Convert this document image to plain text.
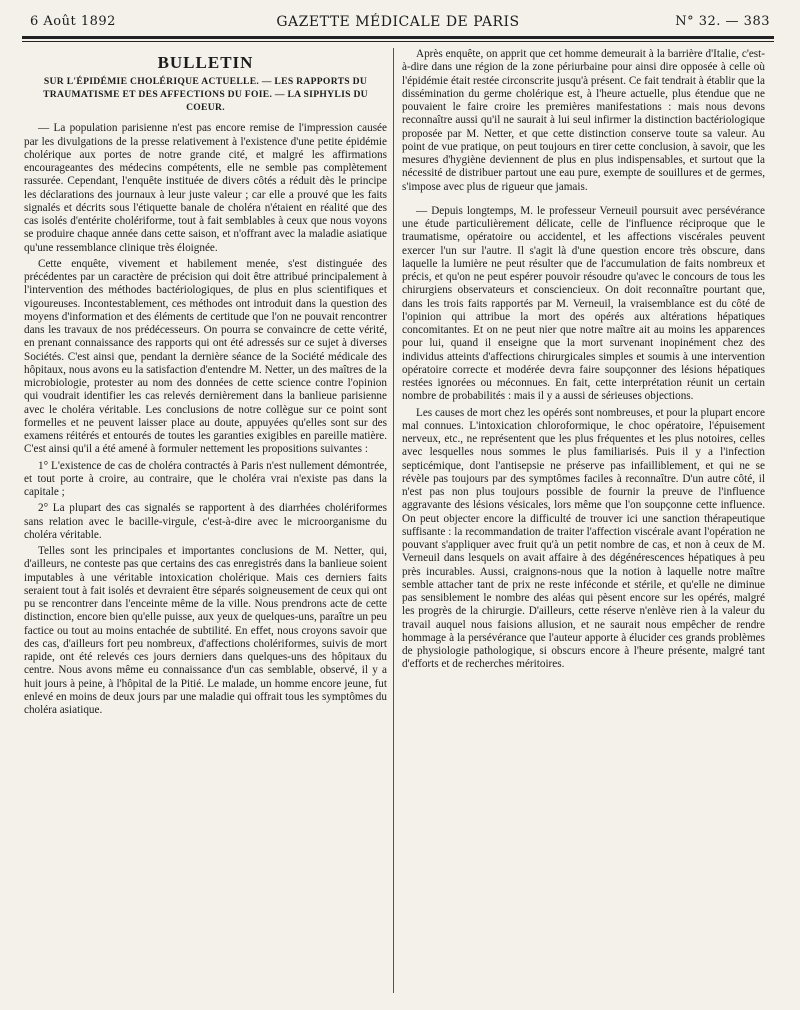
6 Août 1892	GAZETTE MÉDICALE DE PARIS	N° 32. — 383
BULLETIN
SUR L'ÉPIDÉMIE CHOLÉRIQUE ACTUELLE. — LES RAPPORTS DU TRAUMATISME ET DES AFFECTIONS DU FOIE. — LA SIPHYLIS DU COEUR.

— La population parisienne n'est pas encore remise de l'impression causée par les divulgations de la presse relativement à l'existence d'une petite épidémie cholérique aux portes de notre grande cité, et malgré les affirmations encourageantes des médecins compétents, elle ne semble pas complètement rassurée. Cependant, l'enquête instituée de divers côtés a réduit dès le principe les déclarations des journaux à leur juste valeur ; car elle a prouvé que les faits signalés et décrits sous l'étiquette banale de choléra n'étaient en réalité que des cas isolés d'entérite cholériforme, tout à fait semblables à ceux que nous voyons se produire chaque année dans cette saison, et n'offrant avec la maladie asiatique qu'une ressemblance clinique très éloignée.

Cette enquête, vivement et habilement menée, s'est distinguée des précédentes par un caractère de précision qui doit être attribué principalement à l'intervention des méthodes bactériologiques, de plus en plus scientifiques et vigoureuses. Incontestablement, ces méthodes ont introduit dans la question des moyens d'information et des éléments de certitude que l'on ne pouvait rencontrer dans les travaux de nos prédécesseurs. On pourra se convaincre de cette vérité, en prenant connaissance des rapports qui ont été adressés sur ce sujet à diverses Sociétés. C'est ainsi que, pendant la dernière séance de la Société médicale des hôpitaux, nous avons eu la satisfaction d'entendre M. Netter, un des maîtres de la microbiologie, protester au nom des données de cette science contre l'opinion qui voudrait identifier les cas relevés dernièrement dans la banlieue parisienne avec le choléra véritable. Les conclusions de notre collègue sur ce point sont formelles et ne peuvent laisser place au doute, appuyées qu'elles sont sur des examens réitérés et entourés de toutes les garanties exigibles en pareille matière. C'est ainsi qu'il a été amené à formuler nettement les propositions suivantes :

1° L'existence de cas de choléra contractés à Paris n'est nullement démontrée, et tout porte à croire, au contraire, que le choléra vrai n'existe pas dans la capitale ;

2° La plupart des cas signalés se rapportent à des diarrhées cholériformes sans relation avec le bacille-virgule, c'est-à-dire avec le microorganisme du choléra véritable.

Telles sont les principales et importantes conclusions de M. Netter, qui, d'ailleurs, ne conteste pas que certains des cas enregistrés dans la banlieue soient imputables à une véritable intoxication cholérique. Mais ces derniers faits seraient tout à fait isolés et devraient être séparés soigneusement de ceux qui ont pu se rencontrer dans l'enceinte même de la ville. Nous prendrons acte de cette distinction, encore bien qu'elle puisse, aux yeux de quelques-uns, paraître un peu factice ou tout au moins entachée de subtilité. En effet, nous croyons savoir que des cas, d'ailleurs fort peu nombreux, d'affections cholériformes, suivis de mort rapide, ont été relevés ces jours derniers dans quelques-uns des hôpitaux du centre. Nous avons même eu connaissance d'un cas semblable, observé, il y a huit jours à peine, à l'hôpital de la Pitié. Le malade, un homme encore jeune, fut enlevé en moins de deux jours par une maladie qui offrait tous les symptômes du choléra asiatique.

Après enquête, on apprit que cet homme demeurait à la barrière d'Italie, c'est-à-dire dans une région de la zone périurbaine pour ainsi dire opposée à celle où l'épidémie était restée circonscrite jusqu'à présent. Ce fait tendrait à établir que la dissémination du germe cholérique est, à l'heure actuelle, plus étendue que ne pouvaient le faire croire les premières manifestations : mais nous devons reconnaître aussi qu'il ne saurait à lui seul infirmer la distinction bactériologique proposée par M. Netter, et que cette distinction conserve toute sa valeur. Au point de vue pratique, on peut toujours en tirer cette conclusion, à savoir, que les mesures d'hygiène deviennent de plus en plus indispensables, et surtout que la nécessité de distribuer partout une eau pure, exempte de souillures et de germes, s'impose avec plus de rigueur que jamais.

— Depuis longtemps, M. le professeur Verneuil poursuit avec persévérance une étude particulièrement délicate, celle de l'influence réciproque que le traumatisme, opératoire ou accidentel, et les affections viscérales peuvent exercer l'un sur l'autre. Il s'agit là d'une question encore très obscure, dans laquelle la lumière ne peut résulter que de l'accumulation de faits nombreux et précis, et qu'on ne peut espérer pouvoir résoudre qu'avec le concours de tous les chirurgiens observateurs et consciencieux. On doit reconnaître pourtant que, dans les trois faits rapportés par M. Verneuil, la vraisemblance est du côté de l'opinion qui attribue la mort des opérés aux altérations hépatiques concomitantes. Et on ne peut nier que notre maître ait au moins les apparences pour lui, quand il enseigne que la mort survenant inopinément chez des individus atteints d'affections chirurgicales simples et soumis à une intervention opératoire correcte et modérée devra faire soupçonner des lésions hépatiques restées ignorées ou méconnues. En fait, cette interprétation réunit un certain nombre de probabilités : mais il y a aussi de sérieuses objections.

Les causes de mort chez les opérés sont nombreuses, et pour la plupart encore mal connues. L'intoxication chloroformique, le choc opératoire, l'épuisement nerveux, etc., ne représentent que les plus fréquentes et les plus notoires, celles avec lesquelles nous sommes le plus familiarisés. Puis il y a l'infection septicémique, dont l'antisepsie ne préserve pas infailliblement, et qui ne se révèle pas toujours par des symptômes faciles à reconnaître. D'un autre côté, il n'est pas non plus toujours possible de fournir la preuve de l'influence aggravante des lésions vésicales, lors même que l'on soupçonne cette influence. On peut objecter encore la difficulté de trouver ici une sanction thérapeutique suffisante : la recommandation de traiter l'affection viscérale avant l'opération ne pouvant s'appliquer avec fruit qu'à un petit nombre de cas, et non à ceux de M. Verneuil dans lesquels on avait affaire à des dégénérescences hépatiques à peu près incurables. Aussi, craignons-nous que la notion à laquelle notre maître semble attacher tant de prix ne reste inféconde et stérile, et qu'elle ne diminue pas sensiblement le nombre des aléas qui pèsent encore sur les opérés, malgré les progrès de la chirurgie. D'ailleurs, cette réserve n'enlève rien à la valeur du travail auquel nous faisions allusion, et ne saurait nous empêcher de rendre hommage à la persévérance que l'auteur apporte à élucider ces grands problèmes de physiologie pathologique, si obscurs encore à l'heure présente, malgré tant d'efforts et de recherches méritoires.
